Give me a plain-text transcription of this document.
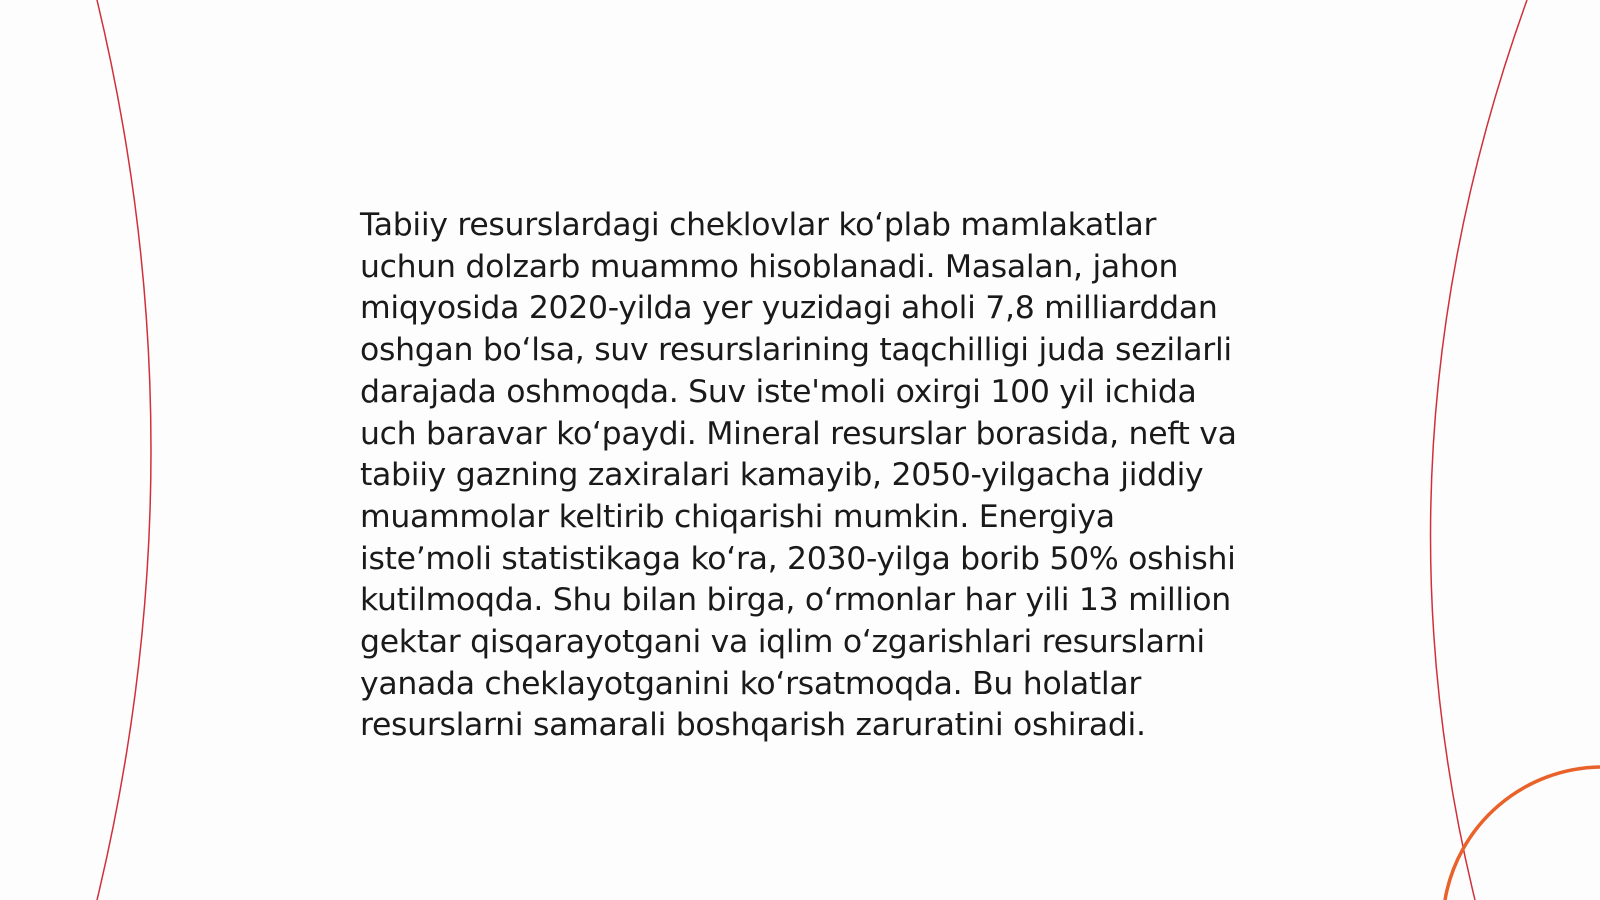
Tabiiy resurslardagi cheklovlar ko‘plab mamlakatlar uchun dolzarb muammo hisoblanadi. Masalan, jahon miqyosida 2020-yilda yer yuzidagi aholi 7,8 milliarddan oshgan bo‘lsa, suv resurslarining taqchilligi juda sezilarli darajada oshmoqda. Suv iste'moli oxirgi 100 yil ichida uch baravar ko‘paydi. Mineral resurslar borasida, neft va tabiiy gazning zaxiralari kamayib, 2050-yilgacha jiddiy muammolar keltirib chiqarishi mumkin. Energiya iste’moli statistikaga ko‘ra, 2030-yilga borib 50% oshishi kutilmoqda. Shu bilan birga, o‘rmonlar har yili 13 million gektar qisqarayotgani va iqlim o‘zgarishlari resurslarni yanada cheklayotganini ko‘rsatmoqda. Bu holatlar resurslarni samarali boshqarish zaruratini oshiradi.
